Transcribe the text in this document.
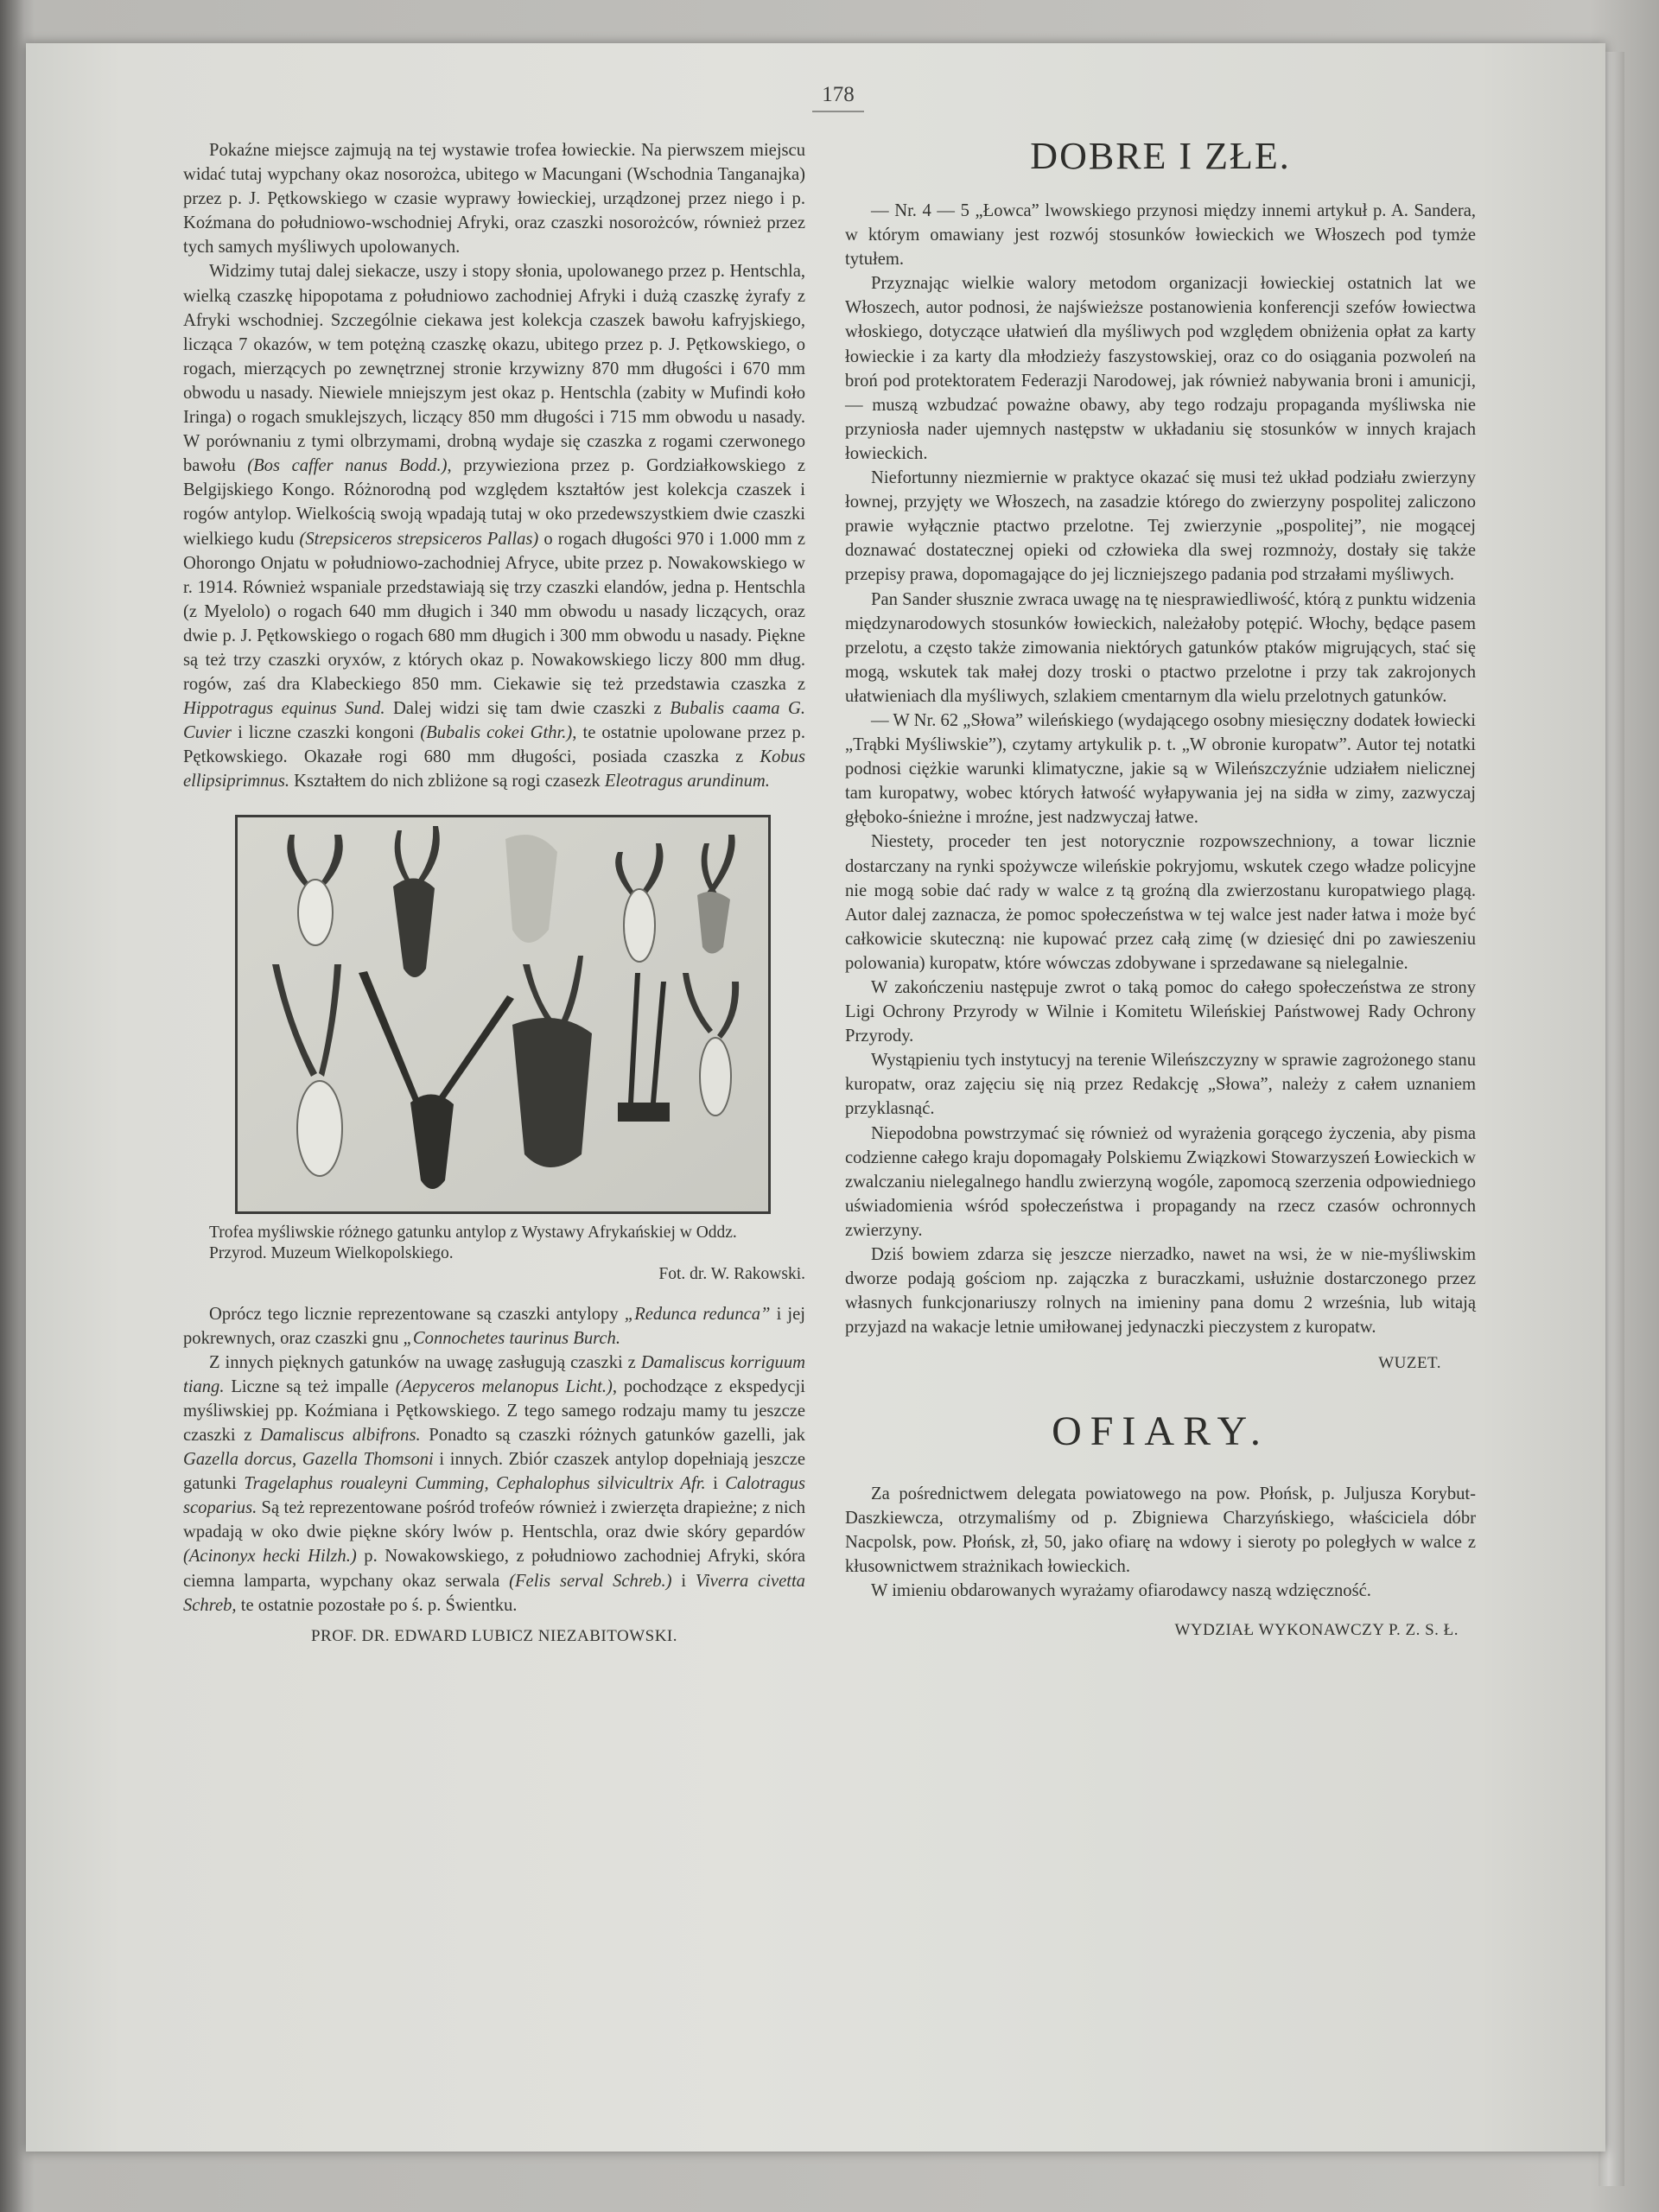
178

Pokaźne miejsce zajmują na tej wystawie trofea łowieckie. Na pierwszem miejscu widać tutaj wypchany okaz nosorożca, ubitego w Macungani (Wschodnia Tanganajka) przez p. J. Pętkowskiego w czasie wyprawy łowieckiej, urządzonej przez niego i p. Koźmana do południowo-wschodniej Afryki, oraz czaszki nosorożców, również przez tych samych myśliwych upolowanych.

Widzimy tutaj dalej siekacze, uszy i stopy słonia, upolowanego przez p. Hentschla, wielką czaszkę hipopotama z południowo zachodniej Afryki i dużą czaszkę żyrafy z Afryki wschodniej. Szczególnie ciekawa jest kolekcja czaszek bawołu kafryjskiego, licząca 7 okazów, w tem potężną czaszkę okazu, ubitego przez p. J. Pętkowskiego, o rogach, mierzących po zewnętrznej stronie krzywizny 870 mm długości i 670 mm obwodu u nasady. Niewiele mniejszym jest okaz p. Hentschla (zabity w Mufindi koło Iringa) o rogach smuklejszych, liczący 850 mm długości i 715 mm obwodu u nasady. W porównaniu z tymi olbrzymami, drobną wydaje się czaszka z rogami czerwonego bawołu (Bos caffer nanus Bodd.), przywieziona przez p. Gordziałkowskiego z Belgijskiego Kongo. Różnorodną pod względem kształtów jest kolekcja czaszek i rogów antylop. Wielkością swoją wpadają tutaj w oko przedewszystkiem dwie czaszki wielkiego kudu (Strepsiceros strepsiceros Pallas) o rogach długości 970 i 1.000 mm z Ohorongo Onjatu w południowo-zachodniej Afryce, ubite przez p. Nowakowskiego w r. 1914. Również wspaniale przedstawiają się trzy czaszki elandów, jedna p. Hentschla (z Myelolo) o rogach 640 mm długich i 340 mm obwodu u nasady liczących, oraz dwie p. J. Pętkowskiego o rogach 680 mm długich i 300 mm obwodu u nasady. Piękne są też trzy czaszki oryxów, z których okaz p. Nowakowskiego liczy 800 mm dług. rogów, zaś dra Klabeckiego 850 mm. Ciekawie się też przedstawia czaszka z Hippotragus equinus Sund. Dalej widzi się tam dwie czaszki z Bubalis caama G. Cuvier i liczne czaszki kongoni (Bubalis cokei Gthr.), te ostatnie upolowane przez p. Pętkowskiego. Okazałe rogi 680 mm długości, posiada czaszka z Kobus ellipsiprimnus. Kształtem do nich zbliżone są rogi czasezk Eleotragus arundinum.

Trofea myśliwskie różnego gatunku antylop z Wystawy Afrykańskiej w Oddz. Przyrod. Muzeum Wielkopolskiego.

Fot. dr. W. Rakowski.

Oprócz tego licznie reprezentowane są czaszki antylopy „Redunca redunca” i jej pokrewnych, oraz czaszki gnu „Connochetes taurinus Burch.

Z innych pięknych gatunków na uwagę zasługują czaszki z Damaliscus korriguum tiang. Liczne są też impalle (Aepyceros melanopus Licht.), pochodzące z ekspedycji myśliwskiej pp. Koźmiana i Pętkowskiego. Z tego samego rodzaju mamy tu jeszcze czaszki z Damaliscus albifrons. Ponadto są czaszki różnych gatunków gazelli, jak Gazella dorcus, Gazella Thomsoni i innych. Zbiór czaszek antylop dopełniają jeszcze gatunki Tragelaphus roualeyni Cumming, Cephalophus silvicultrix Afr. i Calotragus scoparius. Są też reprezentowane pośród trofeów również i zwierzęta drapieżne; z nich wpadają w oko dwie piękne skóry lwów p. Hentschla, oraz dwie skóry gepardów (Acinonyx hecki Hilzh.) p. Nowakowskiego, z południowo zachodniej Afryki, skóra ciemna lamparta, wypchany okaz serwala (Felis serval Schreb.) i Viverra civetta Schreb, te ostatnie pozostałe po ś. p. Świentku.

PROF. DR. EDWARD LUBICZ NIEZABITOWSKI.

DOBRE I ZŁE.

— Nr. 4 — 5 „Łowca” lwowskiego przynosi między innemi artykuł p. A. Sandera, w którym omawiany jest rozwój stosunków łowieckich we Włoszech pod tymże tytułem.

Przyznając wielkie walory metodom organizacji łowieckiej ostatnich lat we Włoszech, autor podnosi, że najświeższe postanowienia konferencji szefów łowiectwa włoskiego, dotyczące ułatwień dla myśliwych pod względem obniżenia opłat za karty łowieckie i za karty dla młodzieży faszystowskiej, oraz co do osiągania pozwoleń na broń pod protektoratem Federazji Narodowej, jak również nabywania broni i amunicji, — muszą wzbudzać poważne obawy, aby tego rodzaju propaganda myśliwska nie przyniosła nader ujemnych następstw w układaniu się stosunków w innych krajach łowieckich.

Niefortunny niezmiernie w praktyce okazać się musi też układ podziału zwierzyny łownej, przyjęty we Włoszech, na zasadzie którego do zwierzyny pospolitej zaliczono prawie wyłącznie ptactwo przelotne. Tej zwierzynie „pospolitej”, nie mogącej doznawać dostatecznej opieki od człowieka dla swej rozmnoży, dostały się także przepisy prawa, dopomagające do jej liczniejszego padania pod strzałami myśliwych.

Pan Sander słusznie zwraca uwagę na tę niesprawiedliwość, którą z punktu widzenia międzynarodowych stosunków łowieckich, należałoby potępić. Włochy, będące pasem przelotu, a często także zimowania niektórych gatunków ptaków migrujących, stać się mogą, wskutek tak małej dozy troski o ptactwo przelotne i przy tak zakrojonych ułatwieniach dla myśliwych, szlakiem cmentarnym dla wielu przelotnych gatunków.

— W Nr. 62 „Słowa” wileńskiego (wydającego osobny miesięczny dodatek łowiecki „Trąbki Myśliwskie”), czytamy artykulik p. t. „W obronie kuropatw”. Autor tej notatki podnosi ciężkie warunki klimatyczne, jakie są w Wileńszczyźnie udziałem nielicznej tam kuropatwy, wobec których łatwość wyłapywania jej na sidła w zimy, zazwyczaj głęboko-śnieżne i mroźne, jest nadzwyczaj łatwe.

Niestety, proceder ten jest notorycznie rozpowszechniony, a towar licznie dostarczany na rynki spożywcze wileńskie pokryjomu, wskutek czego władze policyjne nie mogą sobie dać rady w walce z tą groźną dla zwierzostanu kuropatwiego plagą. Autor dalej zaznacza, że pomoc społeczeństwa w tej walce jest nader łatwa i może być całkowicie skuteczną: nie kupować przez całą zimę (w dziesięć dni po zawieszeniu polowania) kuropatw, które wówczas zdobywane i sprzedawane są nielegalnie.

W zakończeniu następuje zwrot o taką pomoc do całego społeczeństwa ze strony Ligi Ochrony Przyrody w Wilnie i Komitetu Wileńskiej Państwowej Rady Ochrony Przyrody.

Wystąpieniu tych instytucyj na terenie Wileńszczyzny w sprawie zagrożonego stanu kuropatw, oraz zajęciu się nią przez Redakcję „Słowa”, należy z całem uznaniem przyklasnąć.

Niepodobna powstrzymać się również od wyrażenia gorącego życzenia, aby pisma codzienne całego kraju dopomagały Polskiemu Związkowi Stowarzyszeń Łowieckich w zwalczaniu nielegalnego handlu zwierzyną wogóle, zapomocą szerzenia odpowiedniego uświadomienia wśród społeczeństwa i propagandy na rzecz czasów ochronnych zwierzyny.

Dziś bowiem zdarza się jeszcze nierzadko, nawet na wsi, że w nie-myśliwskim dworze podają gościom np. zajączka z buraczkami, usłużnie dostarczonego przez własnych funkcjonariuszy rolnych na imieniny pana domu 2 września, lub witają przyjazd na wakacje letnie umiłowanej jedynaczki pieczystem z kuropatw.

WUZET.

OFIARY.

Za pośrednictwem delegata powiatowego na pow. Płońsk, p. Juljusza Korybut-Daszkiewcza, otrzymaliśmy od p. Zbigniewa Charzyńskiego, właściciela dóbr Nacpolsk, pow. Płońsk, zł, 50, jako ofiarę na wdowy i sieroty po poległych w walce z kłusownictwem strażnikach łowieckich.

W imieniu obdarowanych wyrażamy ofiarodawcy naszą wdzięczność.

WYDZIAŁ WYKONAWCZY P. Z. S. Ł.
